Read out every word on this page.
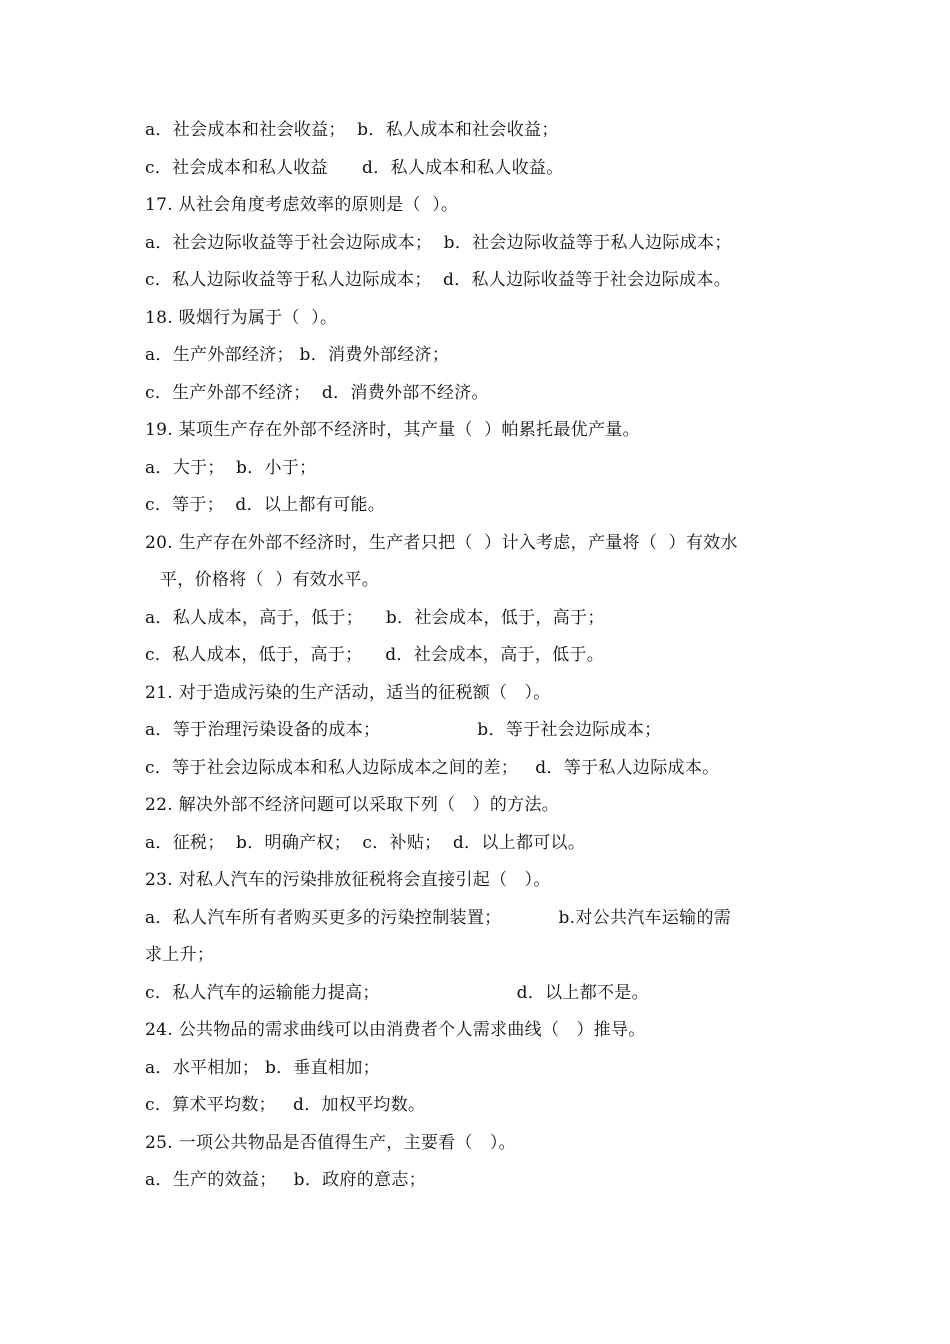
a．社会成本和社会收益；  b．私人成本和社会收益；
c．社会成本和私人收益      d．私人成本和私人收益。
17. 从社会角度考虑效率的原则是（  ）。
a．社会边际收益等于社会边际成本；  b．社会边际收益等于私人边际成本；
c．私人边际收益等于私人边际成本；  d．私人边际收益等于社会边际成本。
18. 吸烟行为属于（  ）。
a．生产外部经济； b．消费外部经济；
c．生产外部不经济；  d．消费外部不经济。
19. 某项生产存在外部不经济时，其产量（  ）帕累托最优产量。
a．大于；  b．小于；
c．等于；  d．以上都有可能。
20. 生产存在外部不经济时，生产者只把（  ）计入考虑，产量将（  ）有效水
平，价格将（  ）有效水平。
a．私人成本，高于，低于；    b．社会成本，低于，高于；
c．私人成本，低于，高于；    d．社会成本，高于，低于。
21. 对于造成污染的生产活动，适当的征税额（   ）。
a．等于治理污染设备的成本；                 b．等于社会边际成本；
c．等于社会边际成本和私人边际成本之间的差；   d．等于私人边际成本。
22. 解决外部不经济问题可以采取下列（   ）的方法。
a．征税；  b．明确产权；  c．补贴；  d．以上都可以。
23. 对私人汽车的污染排放征税将会直接引起（   ）。
a．私人汽车所有者购买更多的污染控制装置；          b.对公共汽车运输的需
求上升；
c．私人汽车的运输能力提高；                        d．以上都不是。
24. 公共物品的需求曲线可以由消费者个人需求曲线（   ）推导。
a．水平相加； b．垂直相加；
c．算术平均数；   d．加权平均数。
25. 一项公共物品是否值得生产，主要看（   ）。
a．生产的效益；   b．政府的意志；
